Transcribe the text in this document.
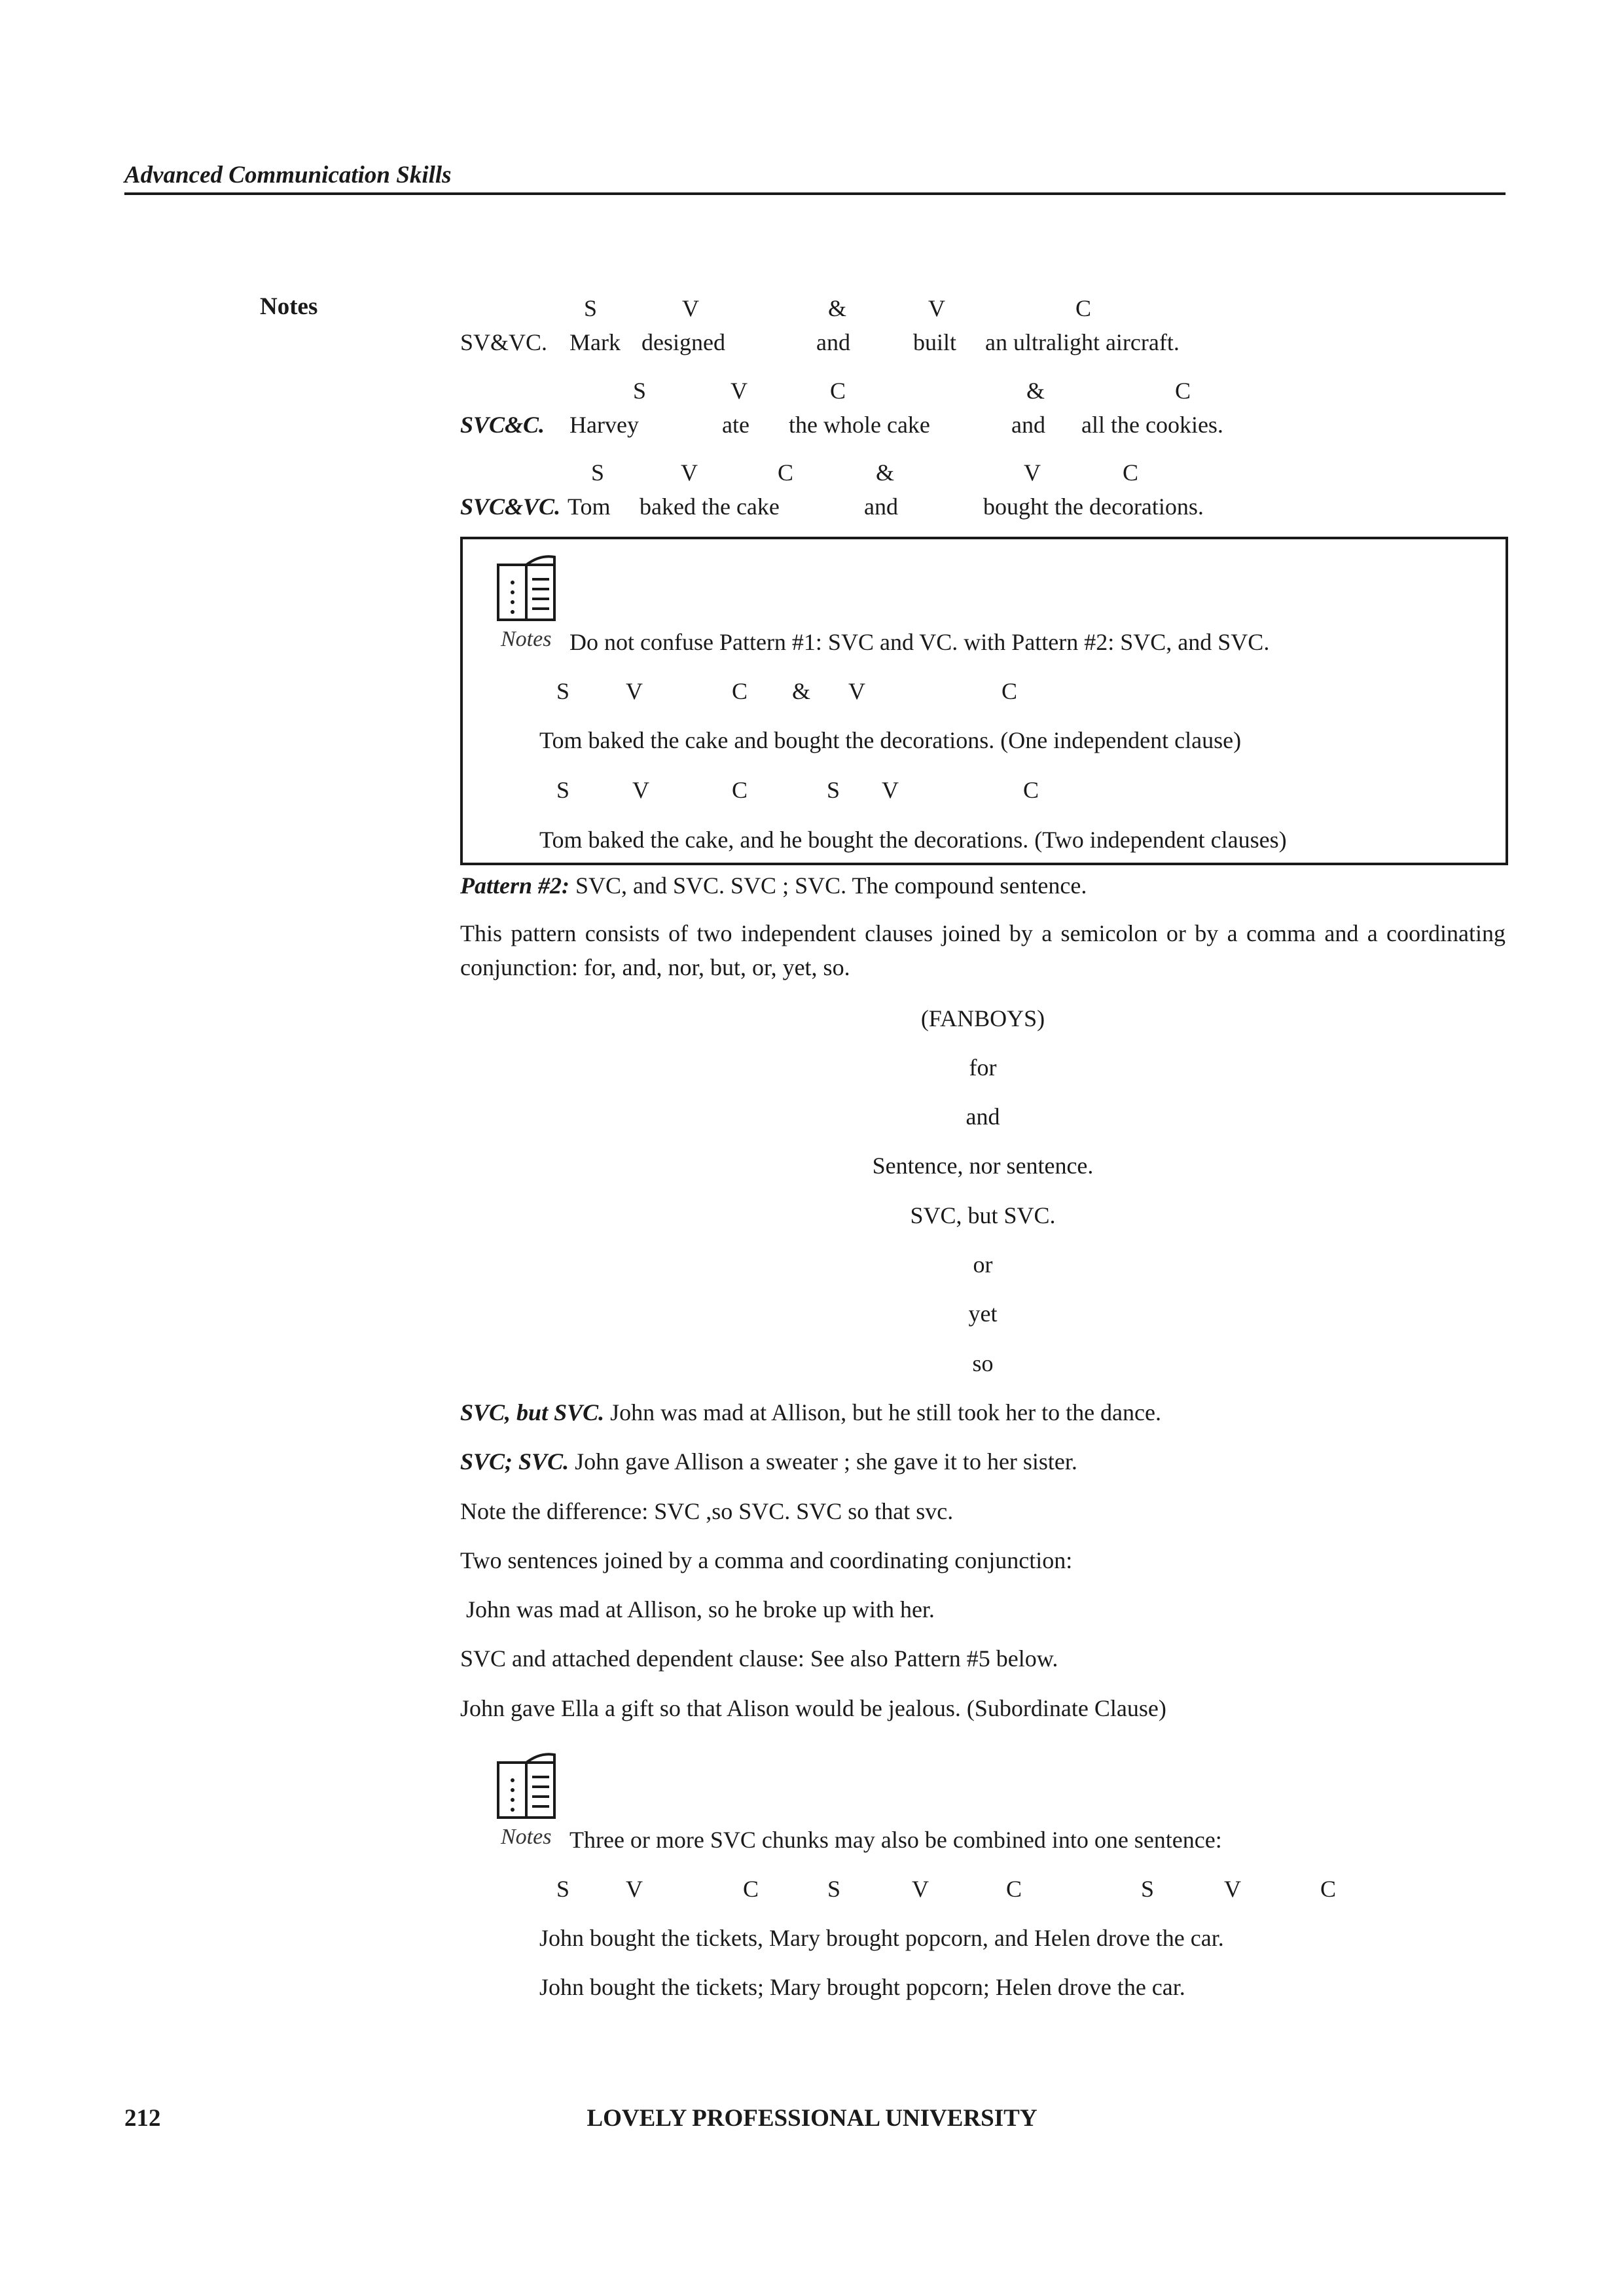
Advanced Communication Skills
Notes	S	V	&	V	C
SV&VC. Mark designed	and	built an ultralight aircraft.
S	V	C	&	C
SVC&C. Harvey	ate the whole cake	and all the cookies.
S	V	C	&	V	C
SVC&VC. Tom baked the cake	and	bought the decorations.
Notes Do not confuse Pattern #1: SVC and VC. with Pattern #2: SVC, and SVC.
S V	C & V	C
Tom baked the cake and bought the decorations. (One independent clause)
S	V	C	S V	C
Tom baked the cake, and he bought the decorations. (Two independent clauses)
Pattern #2: SVC, and SVC. SVC ; SVC. The compound sentence.
This pattern consists of two independent clauses joined by a semicolon or by a comma and a coordinating conjunction: for, and, nor, but, or, yet, so.
(FANBOYS)
for
and
Sentence, nor sentence.
SVC, but SVC.
or
yet
so
SVC, but SVC. John was mad at Allison, but he still took her to the dance.
SVC; SVC. John gave Allison a sweater ; she gave it to her sister.
Note the difference: SVC ,so SVC. SVC so that svc.
Two sentences joined by a comma and coordinating conjunction:
John was mad at Allison, so he broke up with her.
SVC and attached dependent clause: See also Pattern #5 below.
John gave Ella a gift so that Alison would be jealous. (Subordinate Clause)
Notes Three or more SVC chunks may also be combined into one sentence:
S V	C	S	V	C	S	V	C
John bought the tickets, Mary brought popcorn, and Helen drove the car.
John bought the tickets; Mary brought popcorn; Helen drove the car.
212	LOVELY PROFESSIONAL UNIVERSITY
